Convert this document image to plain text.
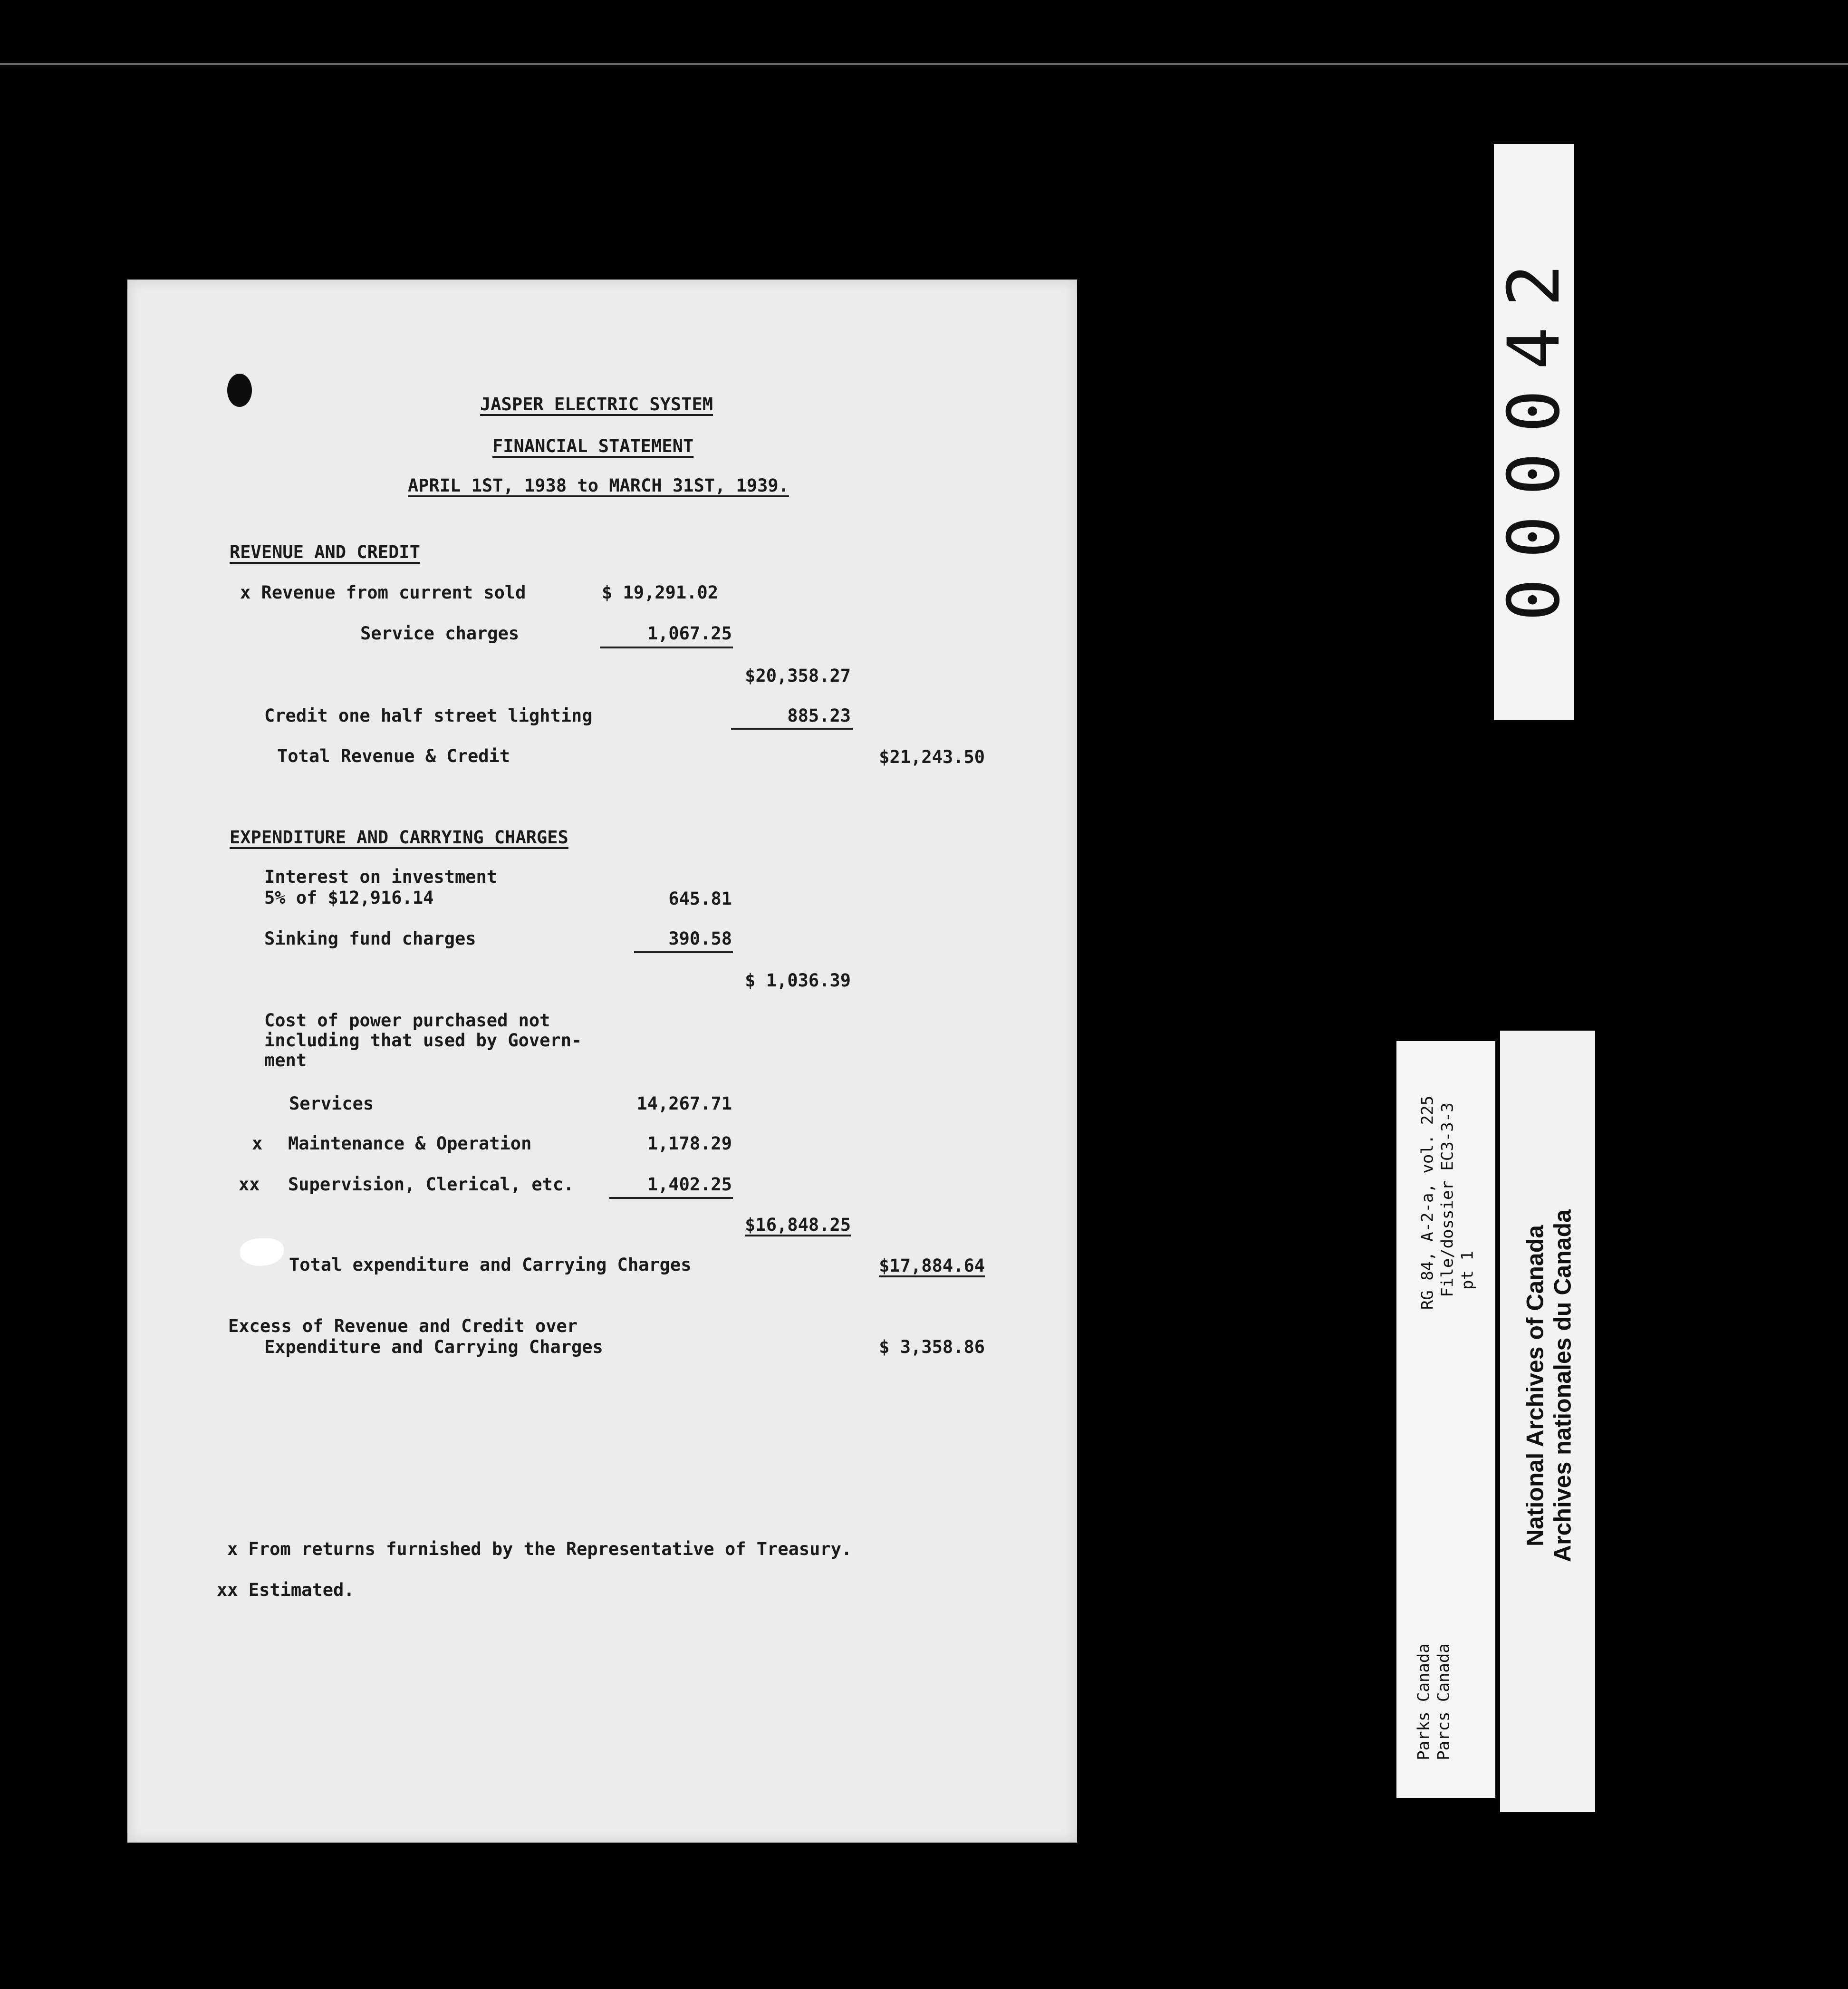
JASPER ELECTRIC SYSTEM
FINANCIAL STATEMENT
APRIL 1ST, 1938 to MARCH 31ST, 1939.
REVENUE AND CREDIT
x Revenue from current sold	$ 19,291.02
Service charges	1,067.25
$20,358.27
Credit one half street lighting	885.23
Total Revenue & Credit	$21,243.50
EXPENDITURE AND CARRYING CHARGES
Interest on investment
5% of $12,916.14	645.81
Sinking fund charges	390.58
$ 1,036.39
Cost of power purchased not
including that used by Govern-
ment
Services	14,267.71
x Maintenance & Operation	1,178.29
xx Supervision, Clerical, etc.	1,402.25
$16,848.25
Total expenditure and Carrying Charges	$17,884.64
Excess of Revenue and Credit over
Expenditure and Carrying Charges	$ 3,358.86
x From returns furnished by the Representative of Treasury.
xx Estimated.
000042
RG 84, A-2-a, vol. 225 File/dossier EC3-3-3 pt 1
Parks Canada Parcs Canada
National Archives of Canada Archives nationales du Canada
